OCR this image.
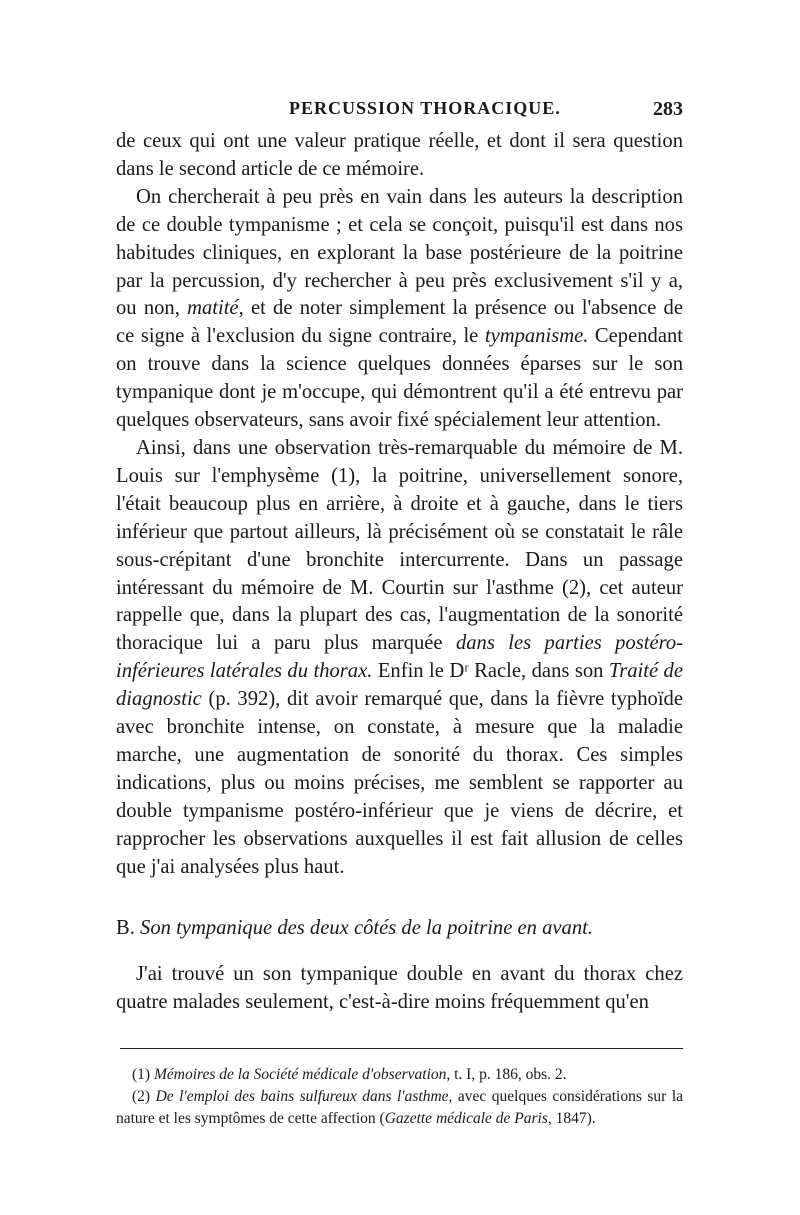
PERCUSSION THORACIQUE.	283

de ceux qui ont une valeur pratique réelle, et dont il sera question dans le second article de ce mémoire.

On chercherait à peu près en vain dans les auteurs la description de ce double tympanisme ; et cela se conçoit, puisqu'il est dans nos habitudes cliniques, en explorant la base postérieure de la poitrine par la percussion, d'y rechercher à peu près exclusivement s'il y a, ou non, matité, et de noter simplement la présence ou l'absence de ce signe à l'exclusion du signe contraire, le tympanisme. Cependant on trouve dans la science quelques données éparses sur le son tympanique dont je m'occupe, qui démontrent qu'il a été entrevu par quelques observateurs, sans avoir fixé spécialement leur attention.

Ainsi, dans une observation très-remarquable du mémoire de M. Louis sur l'emphysème (1), la poitrine, universellement sonore, l'était beaucoup plus en arrière, à droite et à gauche, dans le tiers inférieur que partout ailleurs, là précisément où se constatait le râle sous-crépitant d'une bronchite intercurrente. Dans un passage intéressant du mémoire de M. Courtin sur l'asthme (2), cet auteur rappelle que, dans la plupart des cas, l'augmentation de la sonorité thoracique lui a paru plus marquée dans les parties postéro-inférieures latérales du thorax. Enfin le Dʳ Racle, dans son Traité de diagnostic (p. 392), dit avoir remarqué que, dans la fièvre typhoïde avec bronchite intense, on constate, à mesure que la maladie marche, une augmentation de sonorité du thorax. Ces simples indications, plus ou moins précises, me semblent se rapporter au double tympanisme postéro-inférieur que je viens de décrire, et rapprocher les observations auxquelles il est fait allusion de celles que j'ai analysées plus haut.

B. Son tympanique des deux côtés de la poitrine en avant.
J'ai trouvé un son tympanique double en avant du thorax chez quatre malades seulement, c'est-à-dire moins fréquemment qu'en

(1) Mémoires de la Société médicale d'observation, t. I, p. 186, obs. 2.

(2) De l'emploi des bains sulfureux dans l'asthme, avec quelques considérations sur la nature et les symptômes de cette affection (Gazette médicale de Paris, 1847).
